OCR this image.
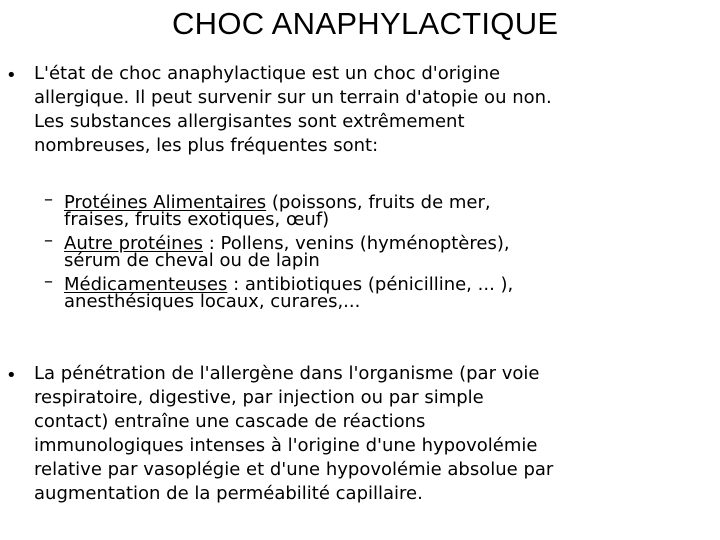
CHOC ANAPHYLACTIQUE
• L'état de choc anaphylactique est un choc d'origine
allergique. Il peut survenir sur un terrain d'atopie ou non.
Les substances allergisantes sont extrêmement
nombreuses, les plus fréquentes sont:
– Protéines Alimentaires (poissons, fruits de mer,
fraises, fruits exotiques, œuf)
– Autre protéines : Pollens, venins (hyménoptères),
sérum de cheval ou de lapin
– Médicamenteuses : antibiotiques (pénicilline, ... ),
anesthésiques locaux, curares,...
• La pénétration de l'allergène dans l'organisme (par voie
respiratoire, digestive, par injection ou par simple
contact) entraîne une cascade de réactions
immunologiques intenses à l'origine d'une hypovolémie
relative par vasoplégie et d'une hypovolémie absolue par
augmentation de la perméabilité capillaire.
